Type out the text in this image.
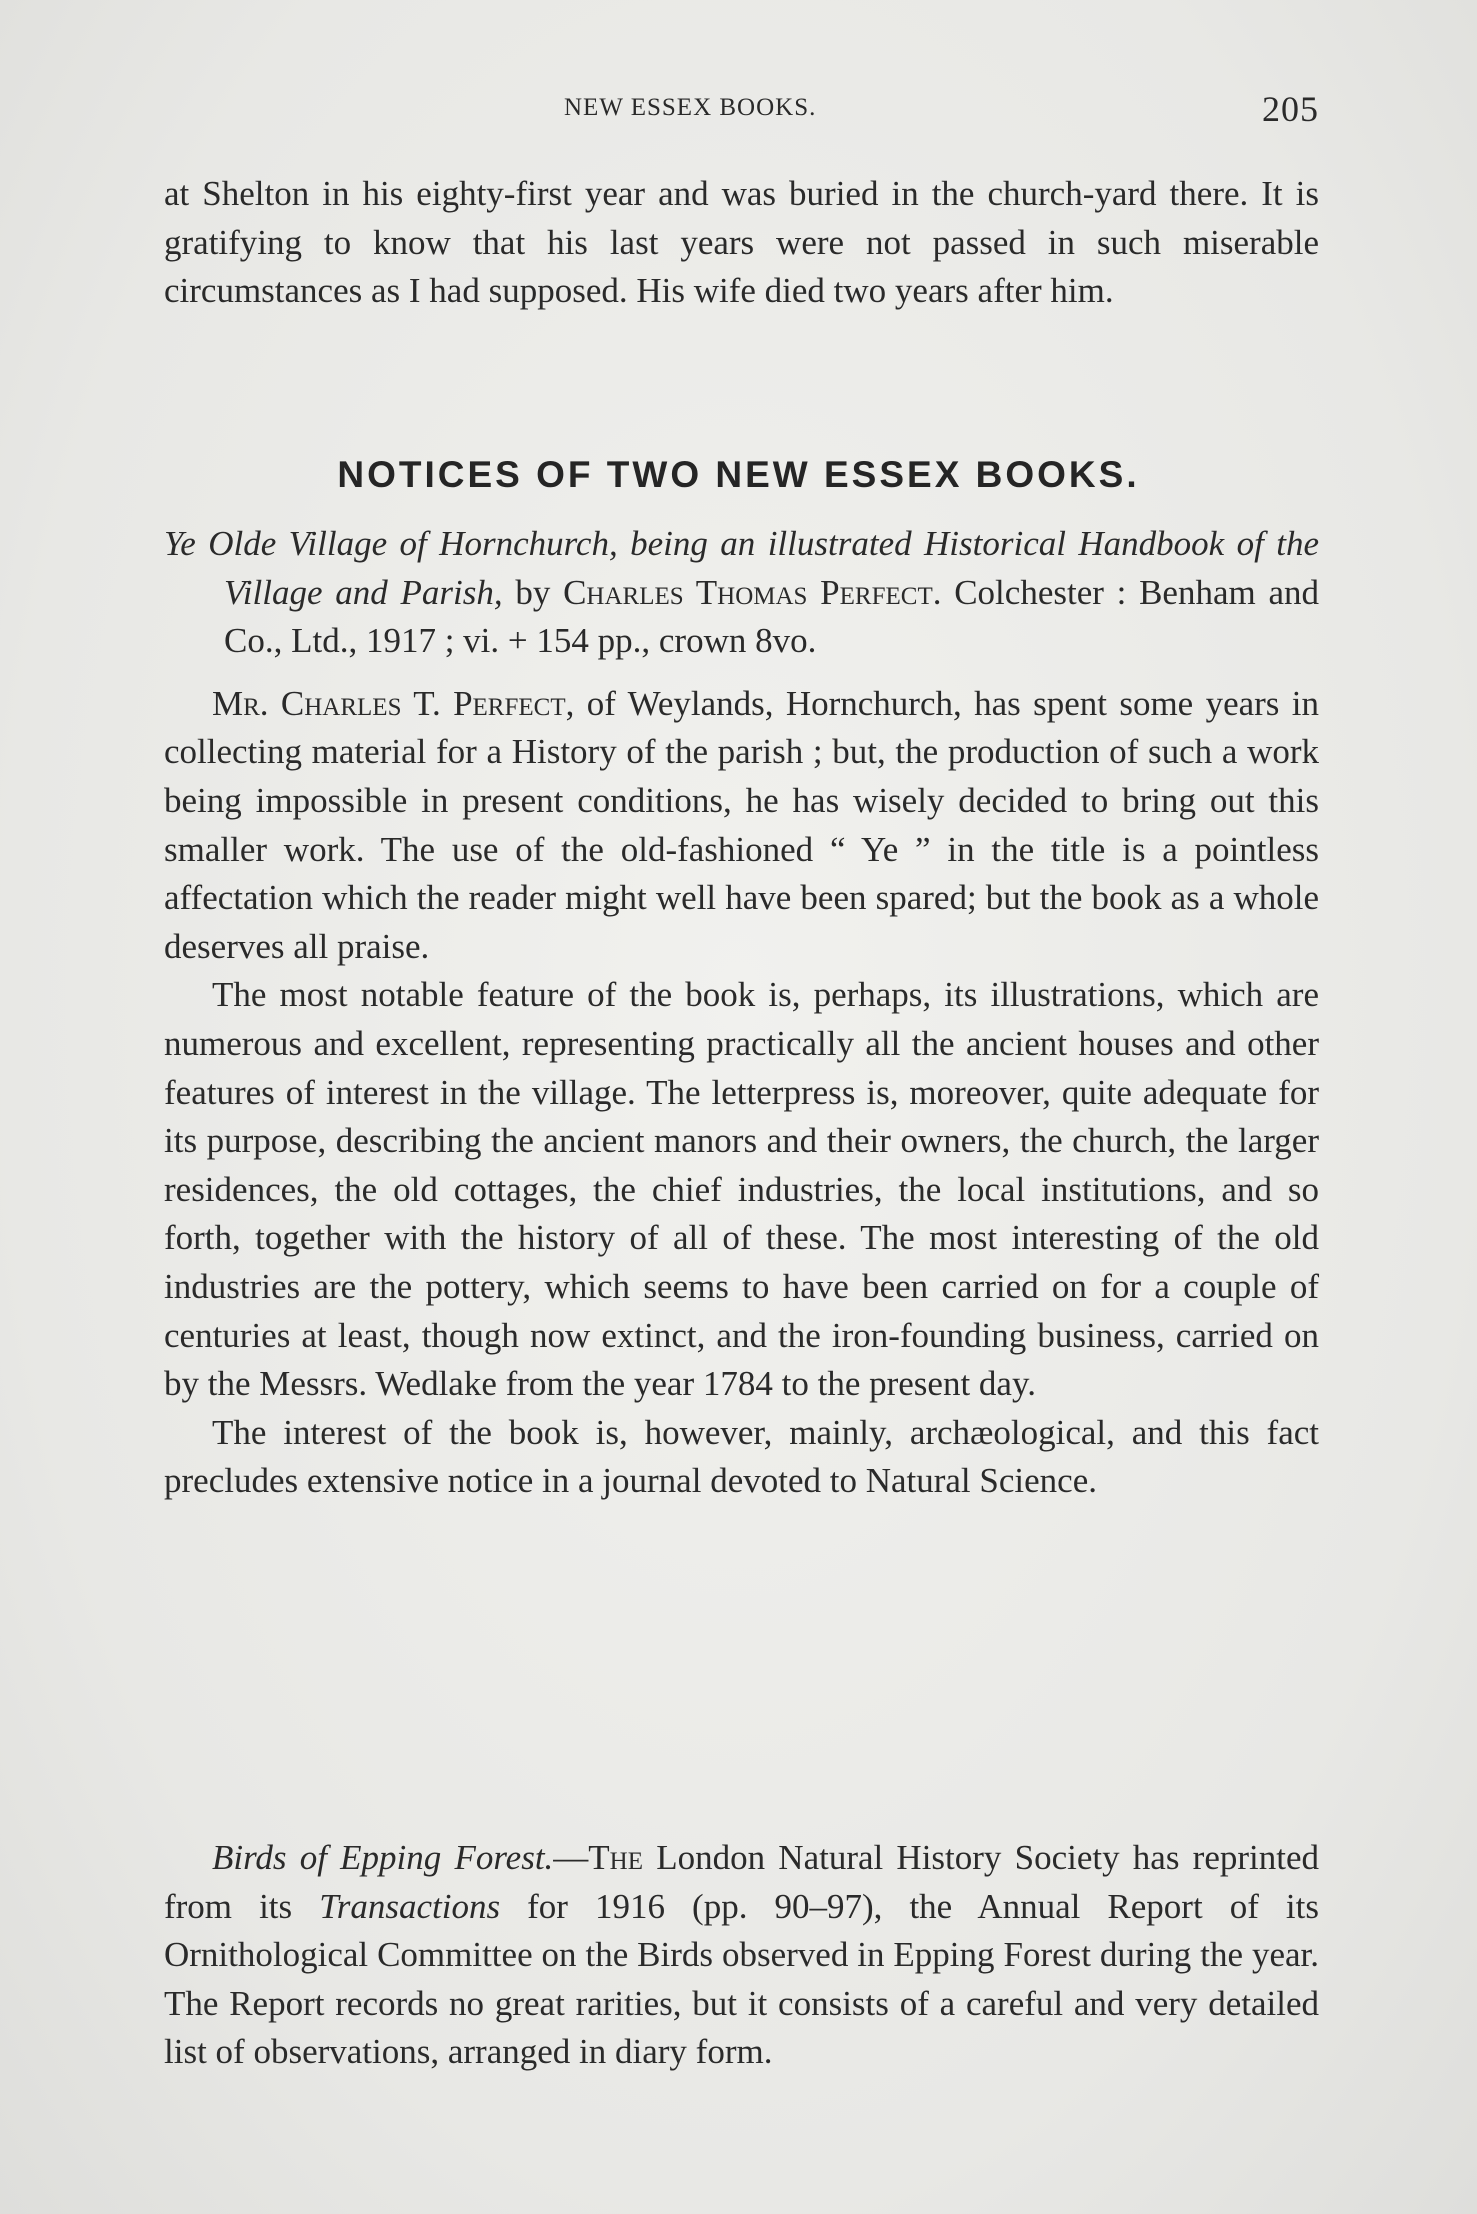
NEW ESSEX BOOKS.	205

at Shelton in his eighty-first year and was buried in the church-yard there. It is gratifying to know that his last years were not passed in such miserable circumstances as I had supposed. His wife died two years after him.

NOTICES OF TWO NEW ESSEX BOOKS.

Ye Olde Village of Hornchurch, being an illustrated Historical Handbook of the Village and Parish, by Charles Thomas Perfect. Colchester : Benham and Co., Ltd., 1917 ; vi. + 154 pp., crown 8vo.

Mr. Charles T. Perfect, of Weylands, Hornchurch, has spent some years in collecting material for a History of the parish ; but, the production of such a work being impossible in present conditions, he has wisely decided to bring out this smaller work. The use of the old-fashioned “ Ye ” in the title is a pointless affectation which the reader might well have been spared; but the book as a whole deserves all praise.

The most notable feature of the book is, perhaps, its illustrations, which are numerous and excellent, representing practically all the ancient houses and other features of interest in the village. The letterpress is, moreover, quite adequate for its purpose, describing the ancient manors and their owners, the church, the larger residences, the old cottages, the chief industries, the local institutions, and so forth, together with the history of all of these. The most interesting of the old industries are the pottery, which seems to have been carried on for a couple of centuries at least, though now extinct, and the iron-founding business, carried on by the Messrs. Wedlake from the year 1784 to the present day.

The interest of the book is, however, mainly, archæological, and this fact precludes extensive notice in a journal devoted to Natural Science.

Birds of Epping Forest.—The London Natural History Society has reprinted from its Transactions for 1916 (pp. 90–97), the Annual Report of its Ornithological Committee on the Birds observed in Epping Forest during the year. The Report records no great rarities, but it consists of a careful and very detailed list of observations, arranged in diary form.
